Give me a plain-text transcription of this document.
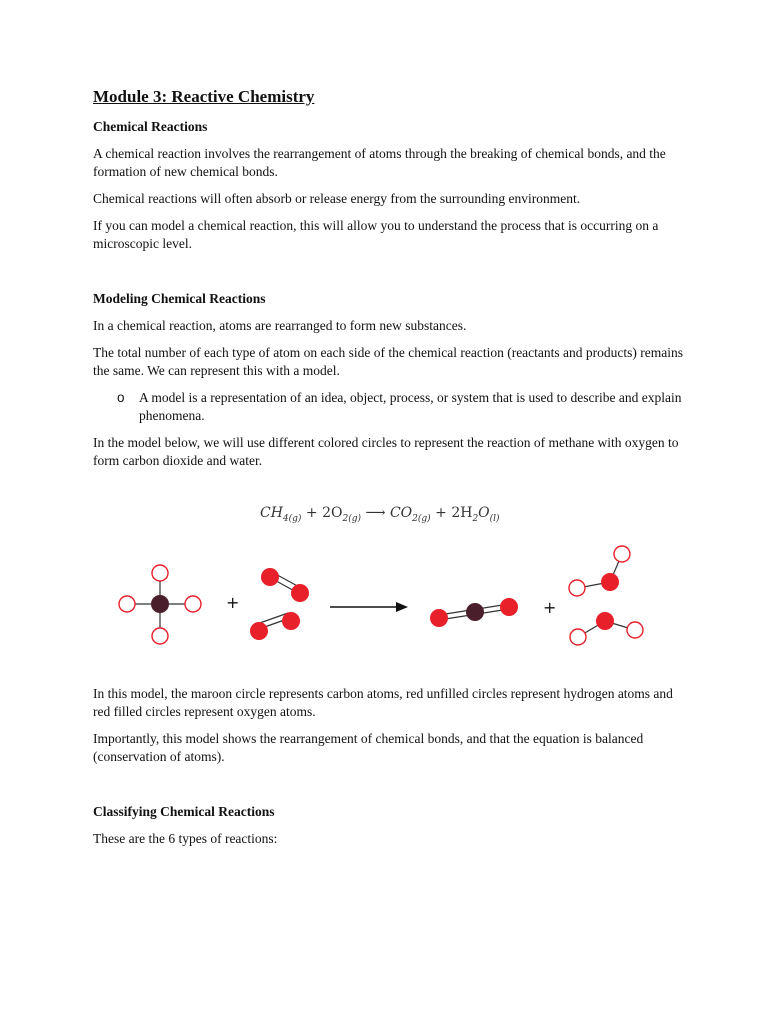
Module 3: Reactive Chemistry
Chemical Reactions

A chemical reaction involves the rearrangement of atoms through the breaking of chemical bonds, and the formation of new chemical bonds.

Chemical reactions will often absorb or release energy from the surrounding environment.

If you can model a chemical reaction, this will allow you to understand the process that is occurring on a microscopic level.

Modeling Chemical Reactions

In a chemical reaction, atoms are rearranged to form new substances.

The total number of each type of atom on each side of the chemical reaction (reactants and products) remains the same. We can represent this with a model.

o	A model is a representation of an idea, object, process, or system that is used to describe and explain phenomena.

In the model below, we will use different colored circles to represent the reaction of methane with oxygen to form carbon dioxide and water.

$CH_{4(g)} + 2O_{2(g)}$ ⟶ $CO_{2(g)} + 2H_2O_{(l)}$
+	+

In this model, the maroon circle represents carbon atoms, red unfilled circles represent hydrogen atoms and red filled circles represent oxygen atoms.

Importantly, this model shows the rearrangement of chemical bonds, and that the equation is balanced (conservation of atoms).

Classifying Chemical Reactions

These are the 6 types of reactions:
